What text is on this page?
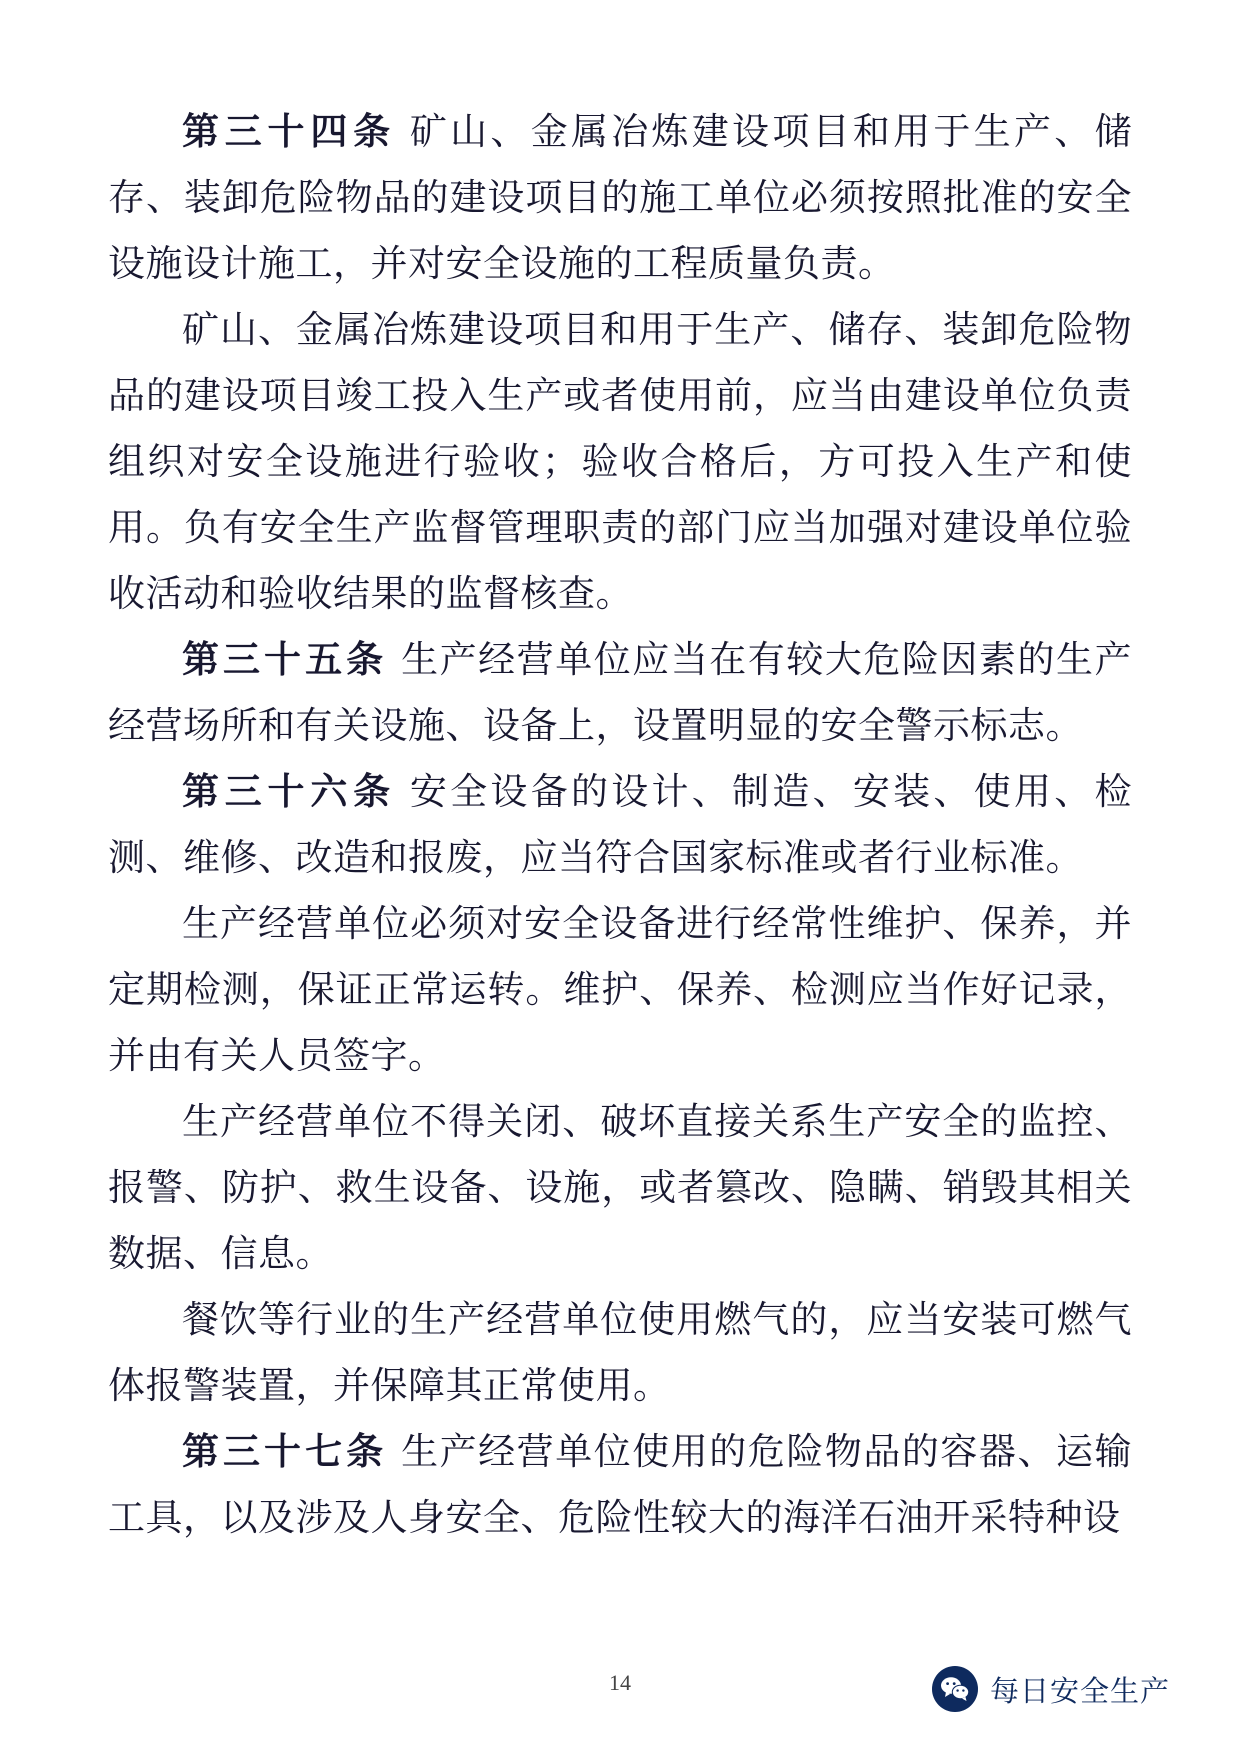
第三十四条 矿山、金属冶炼建设项目和用于生产、储存、装卸危险物品的建设项目的施工单位必须按照批准的安全设施设计施工，并对安全设施的工程质量负责。

矿山、金属冶炼建设项目和用于生产、储存、装卸危险物品的建设项目竣工投入生产或者使用前，应当由建设单位负责组织对安全设施进行验收；验收合格后，方可投入生产和使用。负有安全生产监督管理职责的部门应当加强对建设单位验收活动和验收结果的监督核查。

第三十五条 生产经营单位应当在有较大危险因素的生产经营场所和有关设施、设备上，设置明显的安全警示标志。

第三十六条 安全设备的设计、制造、安装、使用、检测、维修、改造和报废，应当符合国家标准或者行业标准。

生产经营单位必须对安全设备进行经常性维护、保养，并定期检测，保证正常运转。维护、保养、检测应当作好记录，并由有关人员签字。

生产经营单位不得关闭、破坏直接关系生产安全的监控、报警、防护、救生设备、设施，或者篡改、隐瞒、销毁其相关数据、信息。

餐饮等行业的生产经营单位使用燃气的，应当安装可燃气体报警装置，并保障其正常使用。

第三十七条 生产经营单位使用的危险物品的容器、运输工具，以及涉及人身安全、危险性较大的海洋石油开采特种设

14	每日安全生产
